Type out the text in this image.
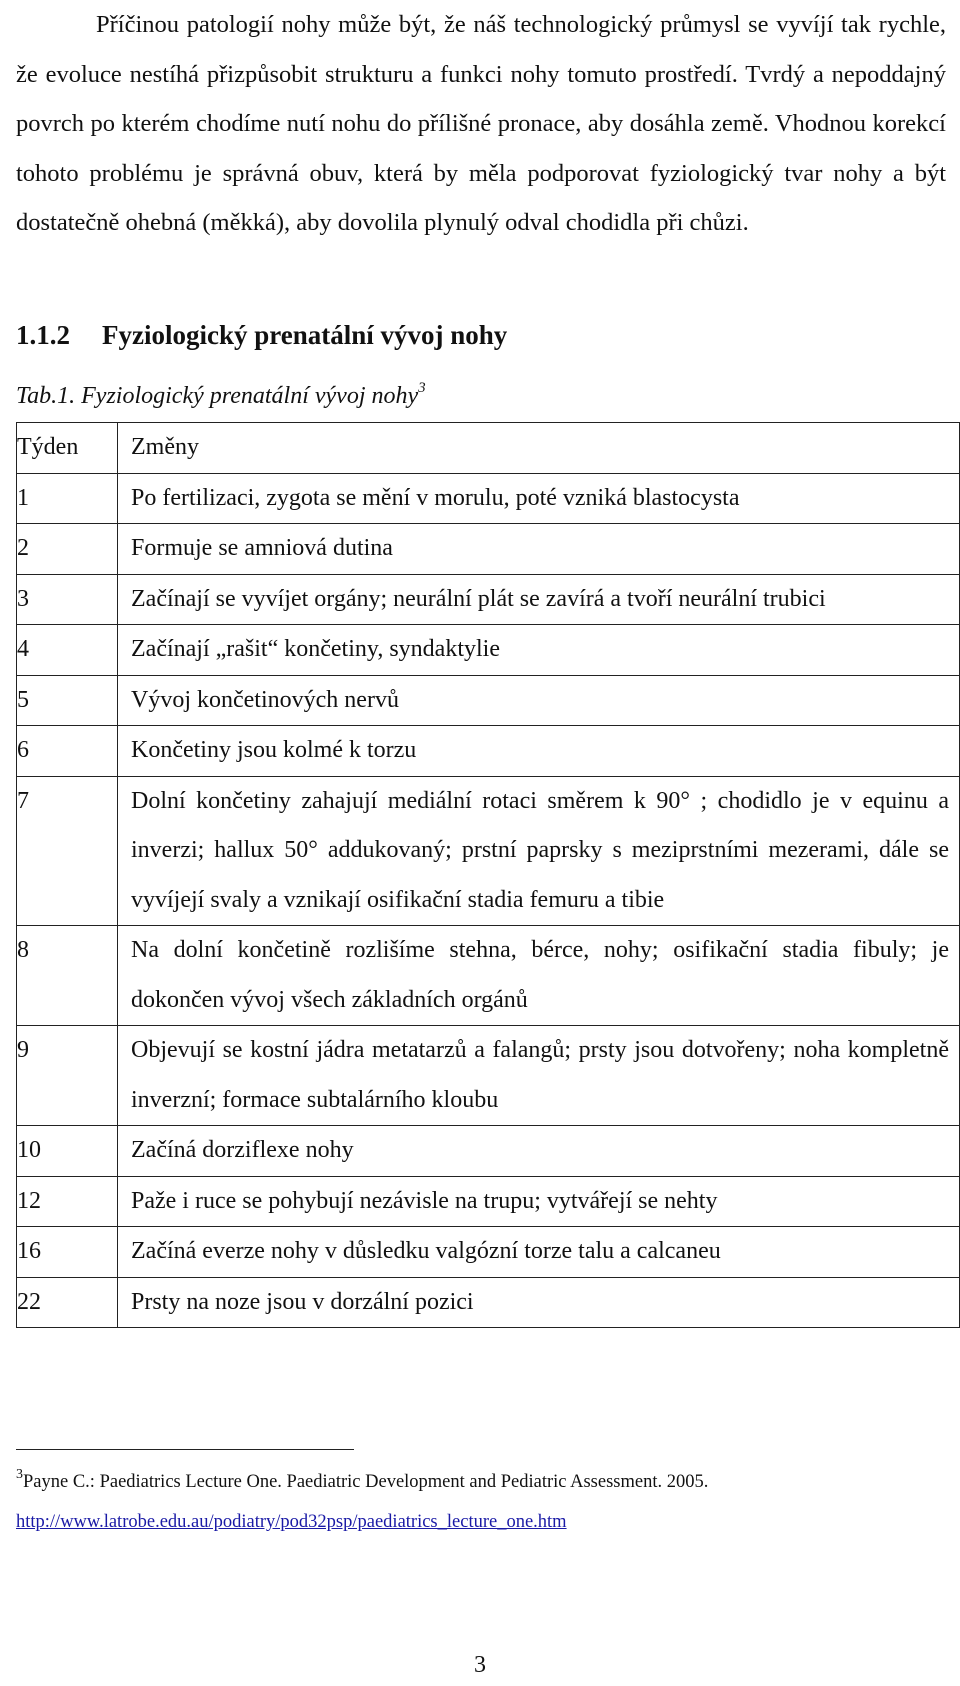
Příčinou patologií nohy může být, že náš technologický průmysl se vyvíjí tak rychle, že evoluce nestíhá přizpůsobit strukturu a funkci nohy tomuto prostředí. Tvrdý a nepoddajný povrch po kterém chodíme nutí nohu do přílišné pronace, aby dosáhla země. Vhodnou korekcí tohoto problému je správná obuv, která by měla podporovat fyziologický tvar nohy a být dostatečně ohebná (měkká), aby dovolila plynulý odval chodidla při chůzi.

1.1.2 Fyziologický prenatální vývoj nohy

Tab.1. Fyziologický prenatální vývoj nohy$^3$

Týden	Změny
1	Po fertilizaci, zygota se mění v morulu, poté vzniká blastocysta
2	Formuje se amniová dutina
3	Začínají se vyvíjet orgány; neurální plát se zavírá a tvoří neurální trubici
4	Začínají „rašit“ končetiny, syndaktylie
5	Vývoj končetinových nervů
6	Končetiny jsou kolmé k torzu
7	Dolní končetiny zahajují mediální rotaci směrem k 90° ; chodidlo je v equinu a inverzi; hallux 50° addukovaný; prstní paprsky s meziprstními mezerami, dále se vyvíjejí svaly a vznikají osifikační stadia femuru a tibie
8	Na dolní končetině rozlišíme stehna, bérce, nohy; osifikační stadia fibuly; je dokončen vývoj všech základních orgánů
9	Objevují se kostní jádra metatarzů a falangů; prsty jsou dotvořeny; noha kompletně inverzní; formace subtalárního kloubu
10	Začíná dorziflexe nohy
12	Paže i ruce se pohybují nezávisle na trupu; vytvářejí se nehty
16	Začíná everze nohy v důsledku valgózní torze talu a calcaneu
22	Prsty na noze jsou v dorzální pozici
$^3$Payne C.: Paediatrics Lecture One. Paediatric Development and Pediatric Assessment. 2005.
http://www.latrobe.edu.au/podiatry/pod32psp/paediatrics_lecture_one.htm

3
